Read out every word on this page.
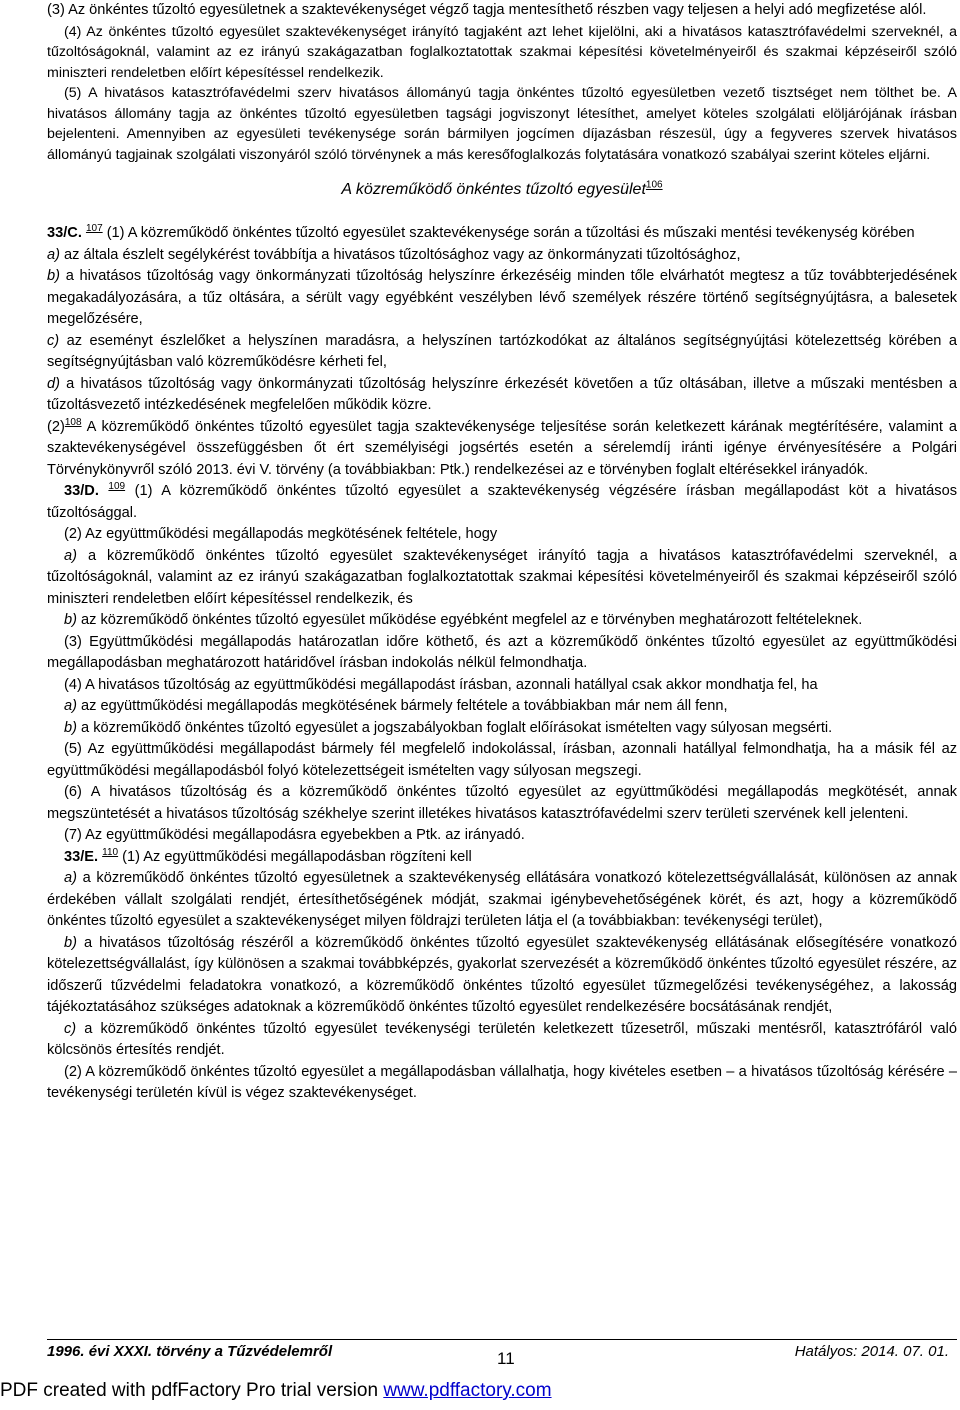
(3) Az önkéntes tűzoltó egyesületnek a szaktevékenységet végző tagja mentesíthető részben vagy teljesen a helyi adó megfizetése alól.

(4) Az önkéntes tűzoltó egyesület szaktevékenységet irányító tagjaként azt lehet kijelölni, aki a hivatásos katasztrófavédelmi szerveknél, a tűzoltóságoknál, valamint az ez irányú szakágazatban foglalkoztatottak szakmai képesítési követelményeiről és szakmai képzéseiről szóló miniszteri rendeletben előírt képesítéssel rendelkezik.

(5) A hivatásos katasztrófavédelmi szerv hivatásos állományú tagja önkéntes tűzoltó egyesületben vezető tisztséget nem tölthet be. A hivatásos állomány tagja az önkéntes tűzoltó egyesületben tagsági jogviszonyt létesíthet, amelyet köteles szolgálati elöljárójának írásban bejelenteni. Amennyiben az egyesületi tevékenysége során bármilyen jogcímen díjazásban részesül, úgy a fegyveres szervek hivatásos állományú tagjainak szolgálati viszonyáról szóló törvénynek a más keresőfoglalkozás folytatására vonatkozó szabályai szerint köteles eljárni.

A közreműködő önkéntes tűzoltó egyesület$^{106}$

33/C. $^{107}$ (1) A közreműködő önkéntes tűzoltó egyesület szaktevékenysége során a tűzoltási és műszaki mentési tevékenység körében

a) az általa észlelt segélykérést továbbítja a hivatásos tűzoltósághoz vagy az önkormányzati tűzoltósághoz,

b) a hivatásos tűzoltóság vagy önkormányzati tűzoltóság helyszínre érkezéséig minden tőle elvárhatót megtesz a tűz továbbterjedésének megakadályozására, a tűz oltására, a sérült vagy egyébként veszélyben lévő személyek részére történő segítségnyújtásra, a balesetek megelőzésére,

c) az eseményt észlelőket a helyszínen maradásra, a helyszínen tartózkodókat az általános segítségnyújtási kötelezettség körében a segítségnyújtásban való közreműködésre kérheti fel,

d) a hivatásos tűzoltóság vagy önkormányzati tűzoltóság helyszínre érkezését követően a tűz oltásában, illetve a műszaki mentésben a tűzoltásvezető intézkedésének megfelelően működik közre.

$(2)^{108}$ A közreműködő önkéntes tűzoltó egyesület tagja szaktevékenysége teljesítése során keletkezett kárának megtérítésére, valamint a szaktevékenységével összefüggésben őt ért személyiségi jogsértés esetén a sérelemdíj iránti igénye érvényesítésére a Polgári Törvénykönyvről szóló 2013. évi V. törvény (a továbbiakban: Ptk.) rendelkezései az e törvényben foglalt eltérésekkel irányadók.

33/D. $^{109}$ (1) A közreműködő önkéntes tűzoltó egyesület a szaktevékenység végzésére írásban megállapodást köt a hivatásos tűzoltósággal.

(2) Az együttműködési megállapodás megkötésének feltétele, hogy

a) a közreműködő önkéntes tűzoltó egyesület szaktevékenységet irányító tagja a hivatásos katasztrófavédelmi szerveknél, a tűzoltóságoknál, valamint az ez irányú szakágazatban foglalkoztatottak szakmai képesítési követelményeiről és szakmai képzéseiről szóló miniszteri rendeletben előírt képesítéssel rendelkezik, és

b) az közreműködő önkéntes tűzoltó egyesület működése egyébként megfelel az e törvényben meghatározott feltételeknek.

(3) Együttműködési megállapodás határozatlan időre köthető, és azt a közreműködő önkéntes tűzoltó egyesület az együttműködési megállapodásban meghatározott határidővel írásban indokolás nélkül felmondhatja.

(4) A hivatásos tűzoltóság az együttműködési megállapodást írásban, azonnali hatállyal csak akkor mondhatja fel, ha

a) az együttműködési megállapodás megkötésének bármely feltétele a továbbiakban már nem áll fenn,

b) a közreműködő önkéntes tűzoltó egyesület a jogszabályokban foglalt előírásokat ismételten vagy súlyosan megsérti.

(5) Az együttműködési megállapodást bármely fél megfelelő indokolással, írásban, azonnali hatállyal felmondhatja, ha a másik fél az együttműködési megállapodásból folyó kötelezettségeit ismételten vagy súlyosan megszegi.

(6) A hivatásos tűzoltóság és a közreműködő önkéntes tűzoltó egyesület az együttműködési megállapodás megkötését, annak megszüntetését a hivatásos tűzoltóság székhelye szerint illetékes hivatásos katasztrófavédelmi szerv területi szervének kell jelenteni.

(7) Az együttműködési megállapodásra egyebekben a Ptk. az irányadó.

33/E. $^{110}$ (1) Az együttműködési megállapodásban rögzíteni kell

a) a közreműködő önkéntes tűzoltó egyesületnek a szaktevékenység ellátására vonatkozó kötelezettségvállalását, különösen az annak érdekében vállalt szolgálati rendjét, értesíthetőségének módját, szakmai igénybevehetőségének körét, és azt, hogy a közreműködő önkéntes tűzoltó egyesület a szaktevékenységet milyen földrajzi területen látja el (a továbbiakban: tevékenységi terület),

b) a hivatásos tűzoltóság részéről a közreműködő önkéntes tűzoltó egyesület szaktevékenység ellátásának elősegítésére vonatkozó kötelezettségvállalást, így különösen a szakmai továbbképzés, gyakorlat szervezését a közreműködő önkéntes tűzoltó egyesület részére, az időszerű tűzvédelmi feladatokra vonatkozó, a közreműködő önkéntes tűzoltó egyesület tűzmegelőzési tevékenységéhez, a lakosság tájékoztatásához szükséges adatoknak a közreműködő önkéntes tűzoltó egyesület rendelkezésére bocsátásának rendjét,

c) a közreműködő önkéntes tűzoltó egyesület tevékenységi területén keletkezett tűzesetről, műszaki mentésről, katasztrófáról való kölcsönös értesítés rendjét.

(2) A közreműködő önkéntes tűzoltó egyesület a megállapodásban vállalhatja, hogy kivételes esetben – a hivatásos tűzoltóság kérésére – tevékenységi területén kívül is végez szaktevékenységet.

1996. évi XXXI. törvény a Tűzvédelemről	11	Hatályos: 2014. 07. 01.
PDF created with pdfFactory Pro trial version www.pdffactory.com
